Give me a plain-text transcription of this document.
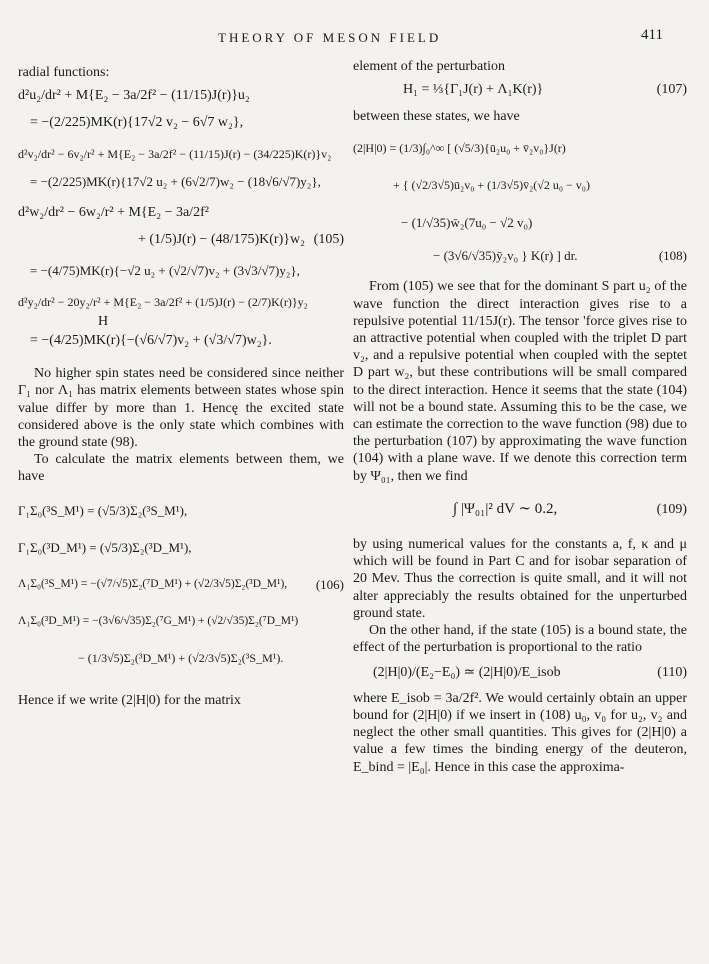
THEORY OF MESON FIELD	411
radial functions:
d²u₂/dr² + M{E₂ − 3a/2f² − (11/15)J(r)}u₂
= −(2/225)MK(r){17√2 v₂ − 6√7 w₂},
d²v₂/dr² − 6v₂/r² + M{E₂ − 3a/2f² − (11/15)J(r) − (34/225)K(r)}v₂
= −(2/225)MK(r){17√2 u₂ + (6√2/7)w₂ − (18√6/√7)y₂},
d²w₂/dr² − 6w₂/r² + M{E₂ − 3a/2f²
+ (1/5)J(r) − (48/175)K(r)}w₂ (105)
= −(4/75)MK(r){−√2 u₂ + (√2/√7)v₂ + (3√3/√7)y₂},
d²y₂/dr² − 20y₂/r² + M{E₂ − 3a/2f² + (1/5)J(r) − (2/7)K(r)}y₂
H
= −(4/25)MK(r){−(√6/√7)v₂ + (√3/√7)w₂}.
No higher spin states need be considered since neither Γ₁ nor Λ₁ has matrix elements between states whose spin value differ by more than 1. Hencę the excited state considered above is the only state which combines with the ground state (98).
To calculate the matrix elements between them, we have
Γ₁Σ₀(³S_M¹) = (√5/3)Σ₂(³S_M¹),
Γ₁Σ₀(³D_M¹) = (√5/3)Σ₂(³D_M¹),
Λ₁Σ₀(³S_M¹) = −(√7/√5)Σ₂(⁷D_M¹) + (√2/3√5)Σ₂(³D_M¹),	(106)
Λ₁Σ₀(³D_M¹) = −(3√6/√35)Σ₂(⁷G_M¹) + (√2/√35)Σ₂(⁷D_M¹)
− (1/3√5)Σ₂(³D_M¹) + (√2/3√5)Σ₂(³S_M¹).
Hence if we write (2|H|0) for the matrix
element of the perturbation
H₁ = ⅓{Γ₁J(r) + Λ₁K(r)}	(107)
between these states, we have
(2|H|0) = (1/3)∫₀^∞ [ (√5/3){ū₂u₀ + v̄₂v₀}J(r)
+ { (√2/3√5)ū₂v₀ + (1/3√5)v̄₂(√2 u₀ − v₀)
− (1/√35)w̄₂(7u₀ − √2 v₀)
− (3√6/√35)ȳ₂v₀ } K(r) ] dr.	(108)
From (105) we see that for the dominant S part u₂ of the wave function the direct interaction gives rise to a repulsive potential 11/15J(r). The tensor 'force gives rise to an attractive potential when coupled with the triplet D part v₂, and a repulsive potential when coupled with the septet D part w₂, but these contributions will be small compared to the direct interaction. Hence it seems that the state (104) will not be a bound state. Assuming this to be the case, we can estimate the correction to the wave function (98) due to the perturbation (107) by approximating the wave function (104) with a plane wave. If we denote this correction term by Ψ₀₁, then we find
∫ |Ψ₀₁|² dV ∼ 0.2,	(109)
by using numerical values for the constants a, f, κ and μ which will be found in Part C and for isobar separation of 20 Mev. Thus the correction is quite small, and it will not alter appreciably the results obtained for the unperturbed ground state.
On the other hand, if the state (105) is a bound state, the effect of the perturbation is proportional to the ratio
(2|H|0)/(E₂−E₀) ≃ (2|H|0)/E_isob	(110)
where E_isob = 3a/2f². We would certainly obtain an upper bound for (2|H|0) if we insert in (108) u₀, v₀ for u₂, v₂ and neglect the other small quantities. This gives for (2|H|0) a value a few times the binding energy of the deuteron, E_bind = |E₀|. Hence in this case the approxima-
